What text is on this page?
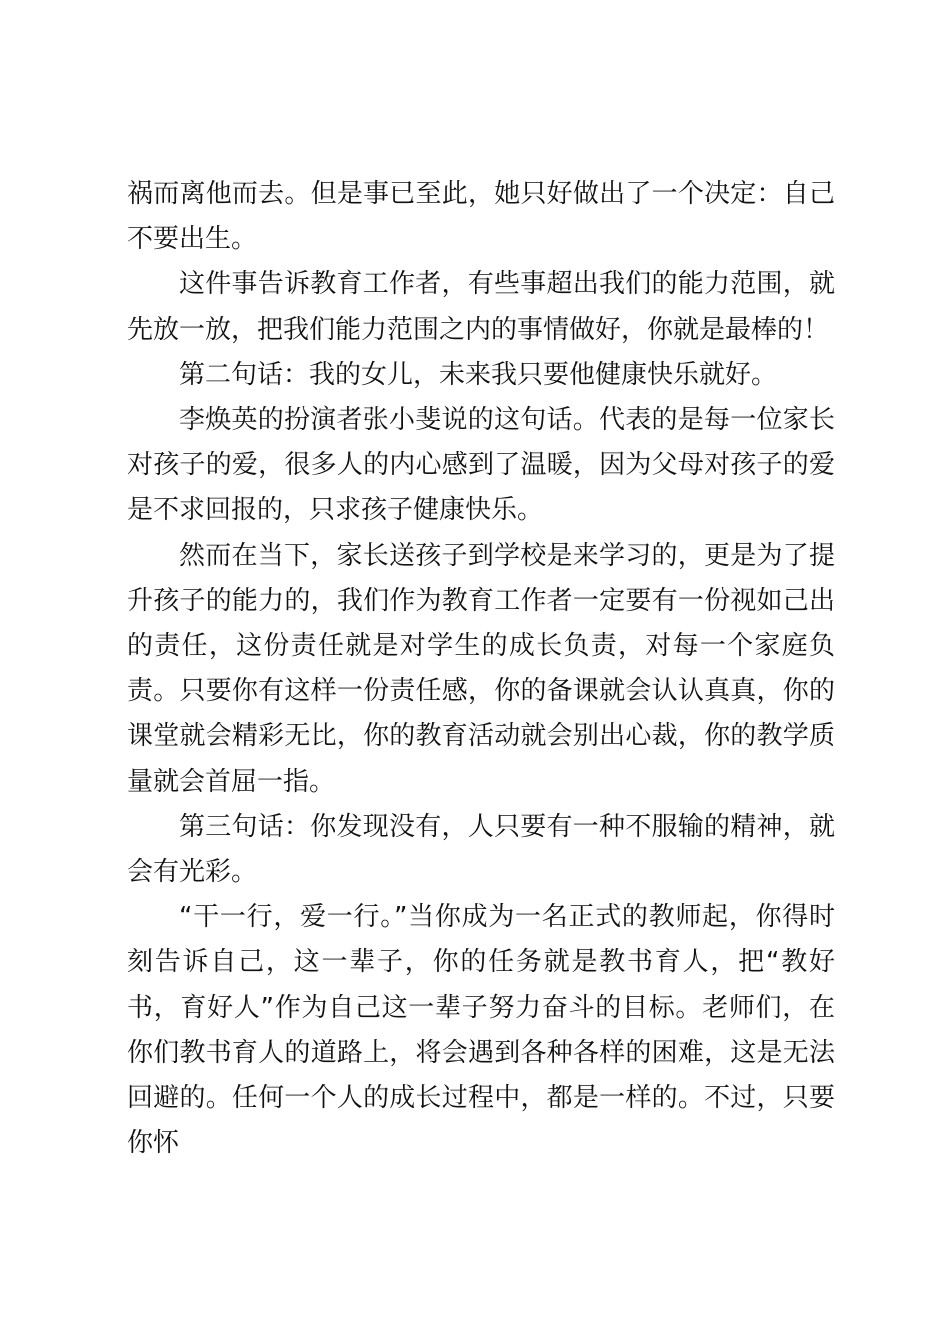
祸而离他而去。但是事已至此，她只好做出了一个决定：自己不要出生。

这件事告诉教育工作者，有些事超出我们的能力范围，就先放一放，把我们能力范围之内的事情做好，你就是最棒的！

第二句话：我的女儿，未来我只要他健康快乐就好。

李焕英的扮演者张小斐说的这句话。代表的是每一位家长对孩子的爱，很多人的内心感到了温暖，因为父母对孩子的爱是不求回报的，只求孩子健康快乐。

然而在当下，家长送孩子到学校是来学习的，更是为了提升孩子的能力的，我们作为教育工作者一定要有一份视如己出的责任，这份责任就是对学生的成长负责，对每一个家庭负责。只要你有这样一份责任感，你的备课就会认认真真，你的课堂就会精彩无比，你的教育活动就会别出心裁，你的教学质量就会首屈一指。

第三句话：你发现没有，人只要有一种不服输的精神，就会有光彩。

“干一行，爱一行。”当你成为一名正式的教师起，你得时刻告诉自己，这一辈子，你的任务就是教书育人，把“教好书，育好人”作为自己这一辈子努力奋斗的目标。老师们，在你们教书育人的道路上，将会遇到各种各样的困难，这是无法回避的。任何一个人的成长过程中，都是一样的。不过，只要你怀
